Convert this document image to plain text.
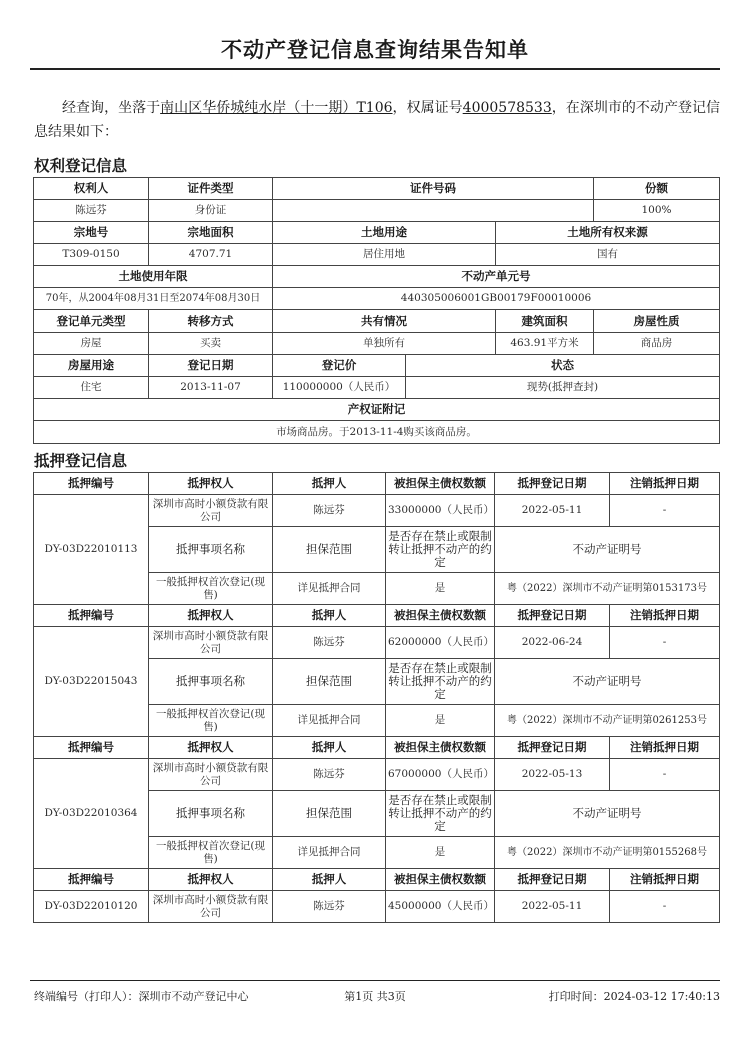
不动产登记信息查询结果告知单

经查询，坐落于南山区华侨城纯水岸（十一期）T106，权属证号4000578533，在深圳市的不动产登记信息结果如下：

权利登记信息
权利人	证件类型	证件号码			份额
陈远芬	身份证				100%
宗地号	宗地面积	土地用途		土地所有权来源	
T309-0150	4707.71	居住用地		国有	
土地使用年限		不动产单元号			
70年，从2004年08月31日至2074年08月30日		440305006001GB00179F00010006			
登记单元类型	转移方式	共有情况		建筑面积	房屋性质
房屋	买卖	单独所有		463.91平方米	商品房
房屋用途	登记日期	登记价	状态		
住宅	2013-11-07	110000000（人民币）	现势(抵押查封)		
产权证附记					
市场商品房。于2013-11-4购买该商品房。					
抵押登记信息
抵押编号	抵押权人	抵押人	被担保主债权数额	抵押登记日期	注销抵押日期
DY-03D22010113	深圳市高时小额贷款有限公司	陈远芬	33000000（人民币）	2022-05-11	-
	抵押事项名称	担保范围	是否存在禁止或限制转让抵押不动产的约定	不动产证明号	
	一般抵押权首次登记(现售)	详见抵押合同	是	粤（2022）深圳市不动产证明第0153173号	
抵押编号	抵押权人	抵押人	被担保主债权数额	抵押登记日期	注销抵押日期
DY-03D22015043	深圳市高时小额贷款有限公司	陈远芬	62000000（人民币）	2022-06-24	-
	抵押事项名称	担保范围	是否存在禁止或限制转让抵押不动产的约定	不动产证明号	
	一般抵押权首次登记(现售)	详见抵押合同	是	粤（2022）深圳市不动产证明第0261253号	
抵押编号	抵押权人	抵押人	被担保主债权数额	抵押登记日期	注销抵押日期
DY-03D22010364	深圳市高时小额贷款有限公司	陈远芬	67000000（人民币）	2022-05-13	-
	抵押事项名称	担保范围	是否存在禁止或限制转让抵押不动产的约定	不动产证明号	
	一般抵押权首次登记(现售)	详见抵押合同	是	粤（2022）深圳市不动产证明第0155268号	
抵押编号	抵押权人	抵押人	被担保主债权数额	抵押登记日期	注销抵押日期
DY-03D22010120	深圳市高时小额贷款有限公司	陈远芬	45000000（人民币）	2022-05-11	-
终端编号（打印人）：深圳市不动产登记中心	第1页 共3页	打印时间：2024-03-12 17:40:13
